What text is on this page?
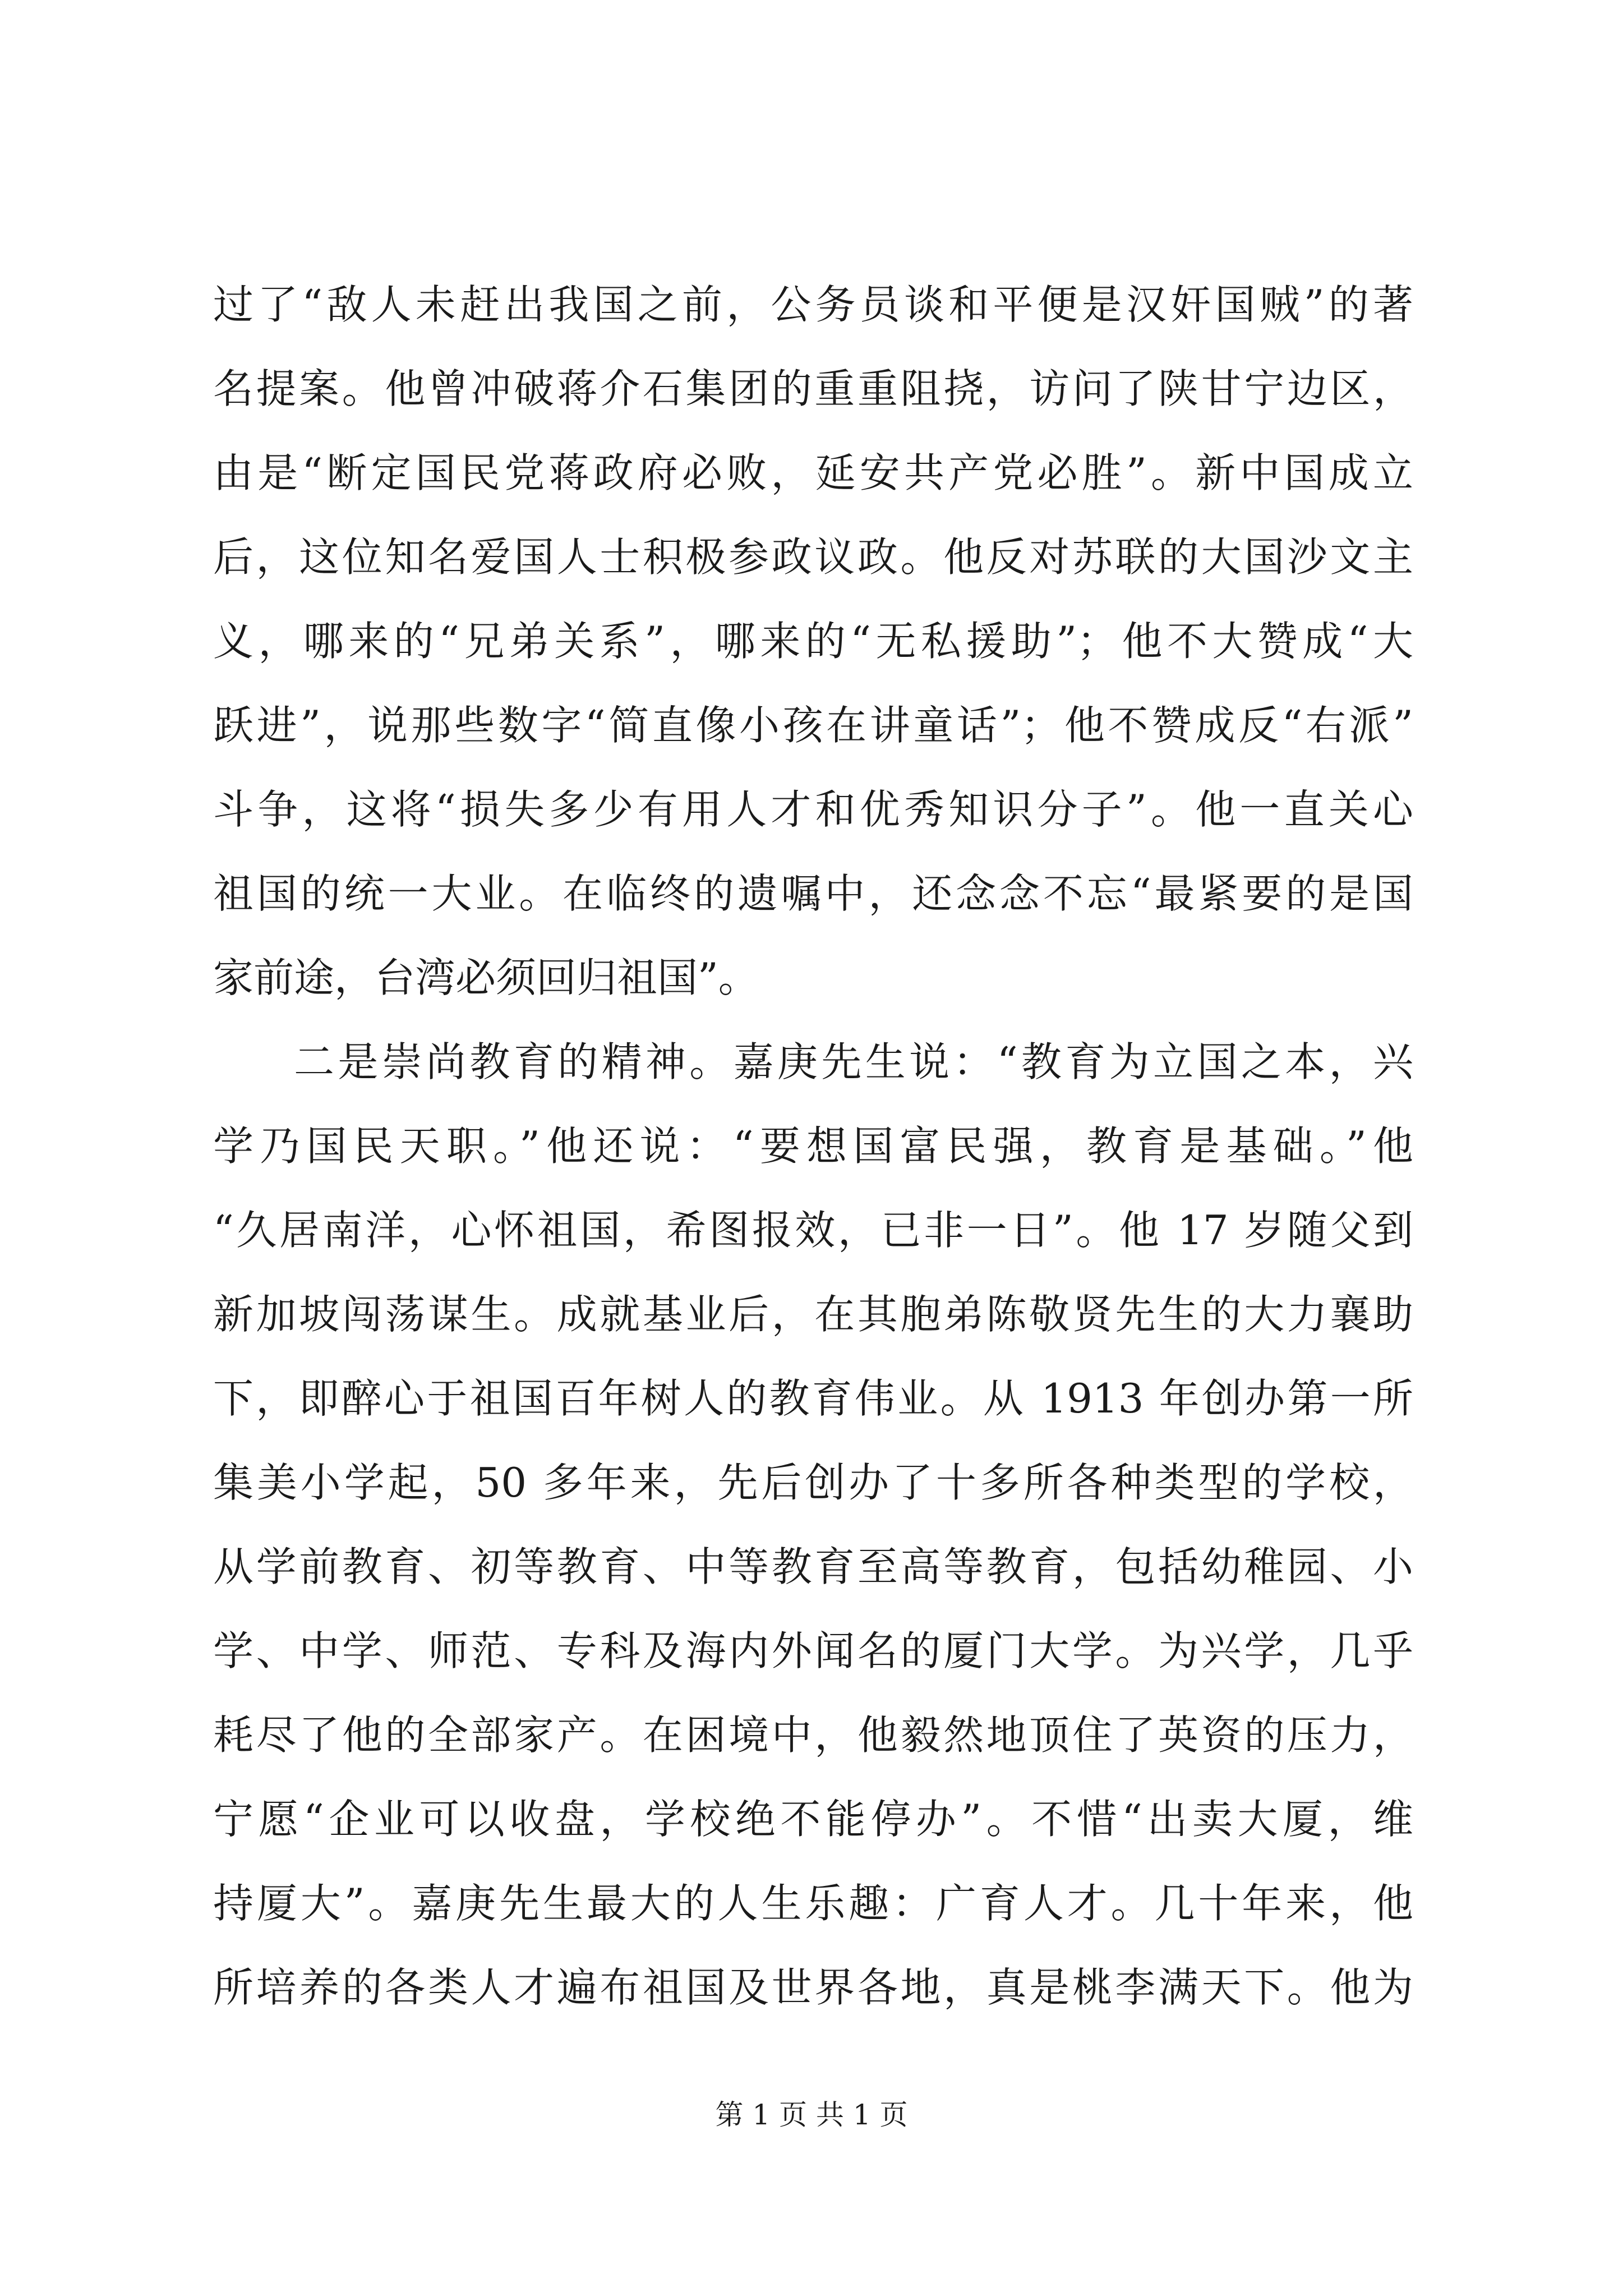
过了“敌人未赶出我国之前，公务员谈和平便是汉奸国贼”的著
名提案。他曾冲破蒋介石集团的重重阻挠，访问了陕甘宁边区，
由是“断定国民党蒋政府必败，延安共产党必胜”。新中国成立
后，这位知名爱国人士积极参政议政。他反对苏联的大国沙文主
义，哪来的“兄弟关系”，哪来的“无私援助”；他不大赞成“大
跃进”，说那些数字“简直像小孩在讲童话”；他不赞成反“右派”
斗争，这将“损失多少有用人才和优秀知识分子”。他一直关心
祖国的统一大业。在临终的遗嘱中，还念念不忘“最紧要的是国
家前途，台湾必须回归祖国”。
二是崇尚教育的精神。嘉庚先生说：“教育为立国之本，兴
学乃国民天职。”他还说：“要想国富民强，教育是基础。”他
“久居南洋，心怀祖国，希图报效，已非一日”。他 17 岁随父到
新加坡闯荡谋生。成就基业后，在其胞弟陈敬贤先生的大力襄助
下，即醉心于祖国百年树人的教育伟业。从 1913 年创办第一所
集美小学起，50 多年来，先后创办了十多所各种类型的学校，
从学前教育、初等教育、中等教育至高等教育，包括幼稚园、小
学、中学、师范、专科及海内外闻名的厦门大学。为兴学，几乎
耗尽了他的全部家产。在困境中，他毅然地顶住了英资的压力，
宁愿“企业可以收盘，学校绝不能停办”。不惜“出卖大厦，维
持厦大”。嘉庚先生最大的人生乐趣：广育人才。几十年来，他
所培养的各类人才遍布祖国及世界各地，真是桃李满天下。他为
第 1 页 共 1 页
